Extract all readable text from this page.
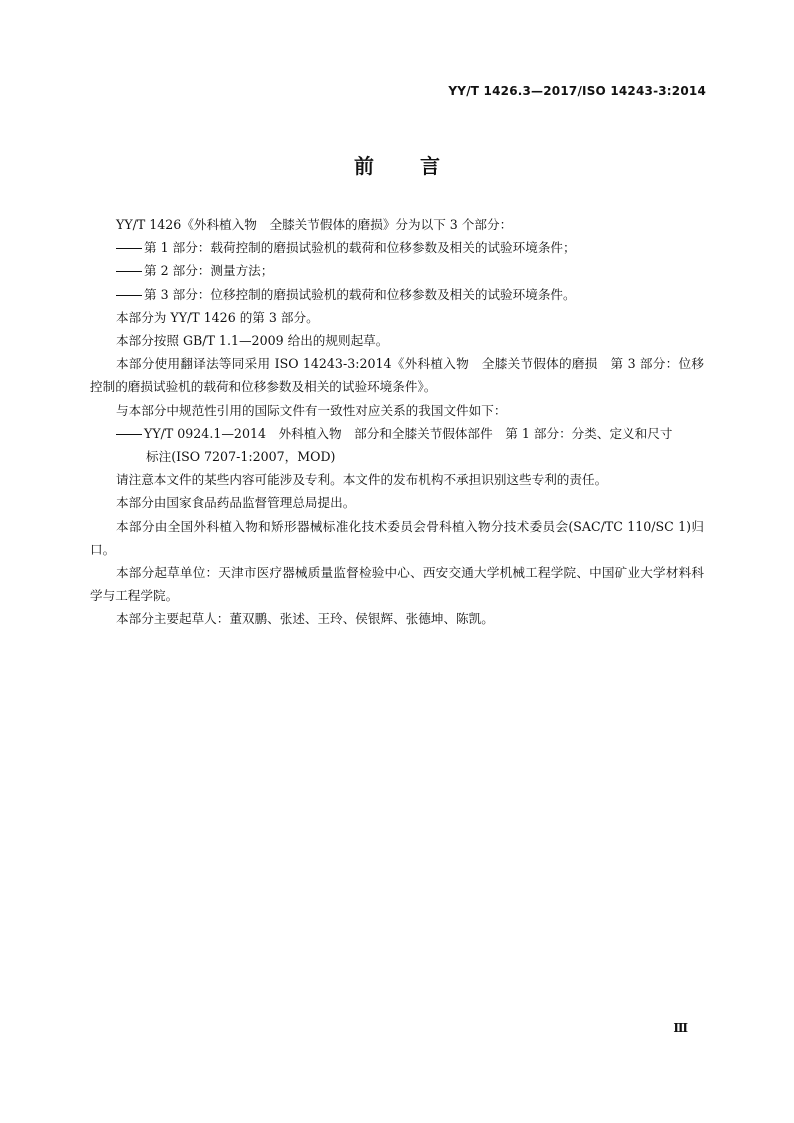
YY/T 1426.3—2017/ISO 14243-3:2014
前 言

YY/T 1426《外科植入物　全膝关节假体的磨损》分为以下 3 个部分：

第 1 部分：载荷控制的磨损试验机的载荷和位移参数及相关的试验环境条件；

第 2 部分：测量方法；

第 3 部分：位移控制的磨损试验机的载荷和位移参数及相关的试验环境条件。

本部分为 YY/T 1426 的第 3 部分。

本部分按照 GB/T 1.1—2009 给出的规则起草。

本部分使用翻译法等同采用 ISO 14243-3:2014《外科植入物　全膝关节假体的磨损　第 3 部分：位移控制的磨损试验机的载荷和位移参数及相关的试验环境条件》。

与本部分中规范性引用的国际文件有一致性对应关系的我国文件如下：

YY/T 0924.1—2014　外科植入物　部分和全膝关节假体部件　第 1 部分：分类、定义和尺寸
标注(ISO 7207-1:2007，MOD)

请注意本文件的某些内容可能涉及专利。本文件的发布机构不承担识别这些专利的责任。

本部分由国家食品药品监督管理总局提出。

本部分由全国外科植入物和矫形器械标准化技术委员会骨科植入物分技术委员会(SAC/TC 110/SC 1)归口。

本部分起草单位：天津市医疗器械质量监督检验中心、西安交通大学机械工程学院、中国矿业大学材料科学与工程学院。

本部分主要起草人：董双鹏、张述、王玲、侯银辉、张德坤、陈凯。

Ⅲ
